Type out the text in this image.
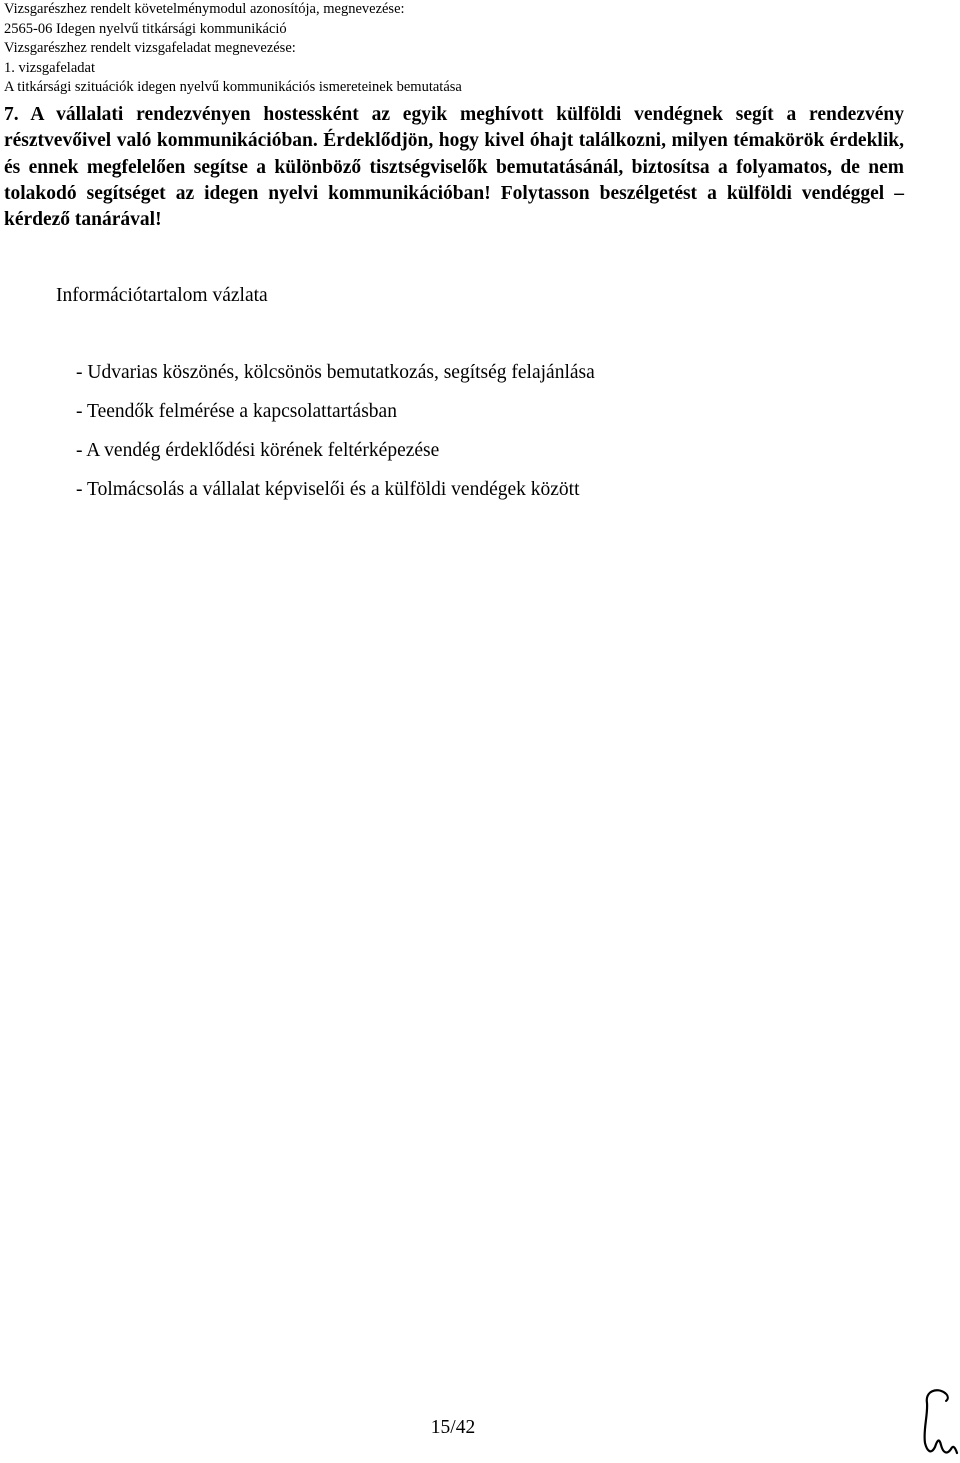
Vizsgarészhez rendelt követelménymodul azonosítója, megnevezése:
2565-06 Idegen nyelvű titkársági kommunikáció
Vizsgarészhez rendelt vizsgafeladat megnevezése:
1. vizsgafeladat
A titkársági szituációk idegen nyelvű kommunikációs ismereteinek bemutatása
7. A vállalati rendezvényen hostessként az egyik meghívott külföldi vendégnek segít a rendezvény résztvevőivel való kommunikációban. Érdeklődjön, hogy kivel óhajt találkozni, milyen témakörök érdeklik, és ennek megfelelően segítse a különböző tisztségviselők bemutatásánál, biztosítsa a folyamatos, de nem tolakodó segítséget az idegen nyelvi kommunikációban! Folytasson beszélgetést a külföldi vendéggel – kérdező tanárával!
Információtartalom vázlata
- Udvarias köszönés, kölcsönös bemutatkozás, segítség felajánlása
- Teendők felmérése a kapcsolattartásban
- A vendég érdeklődési körének feltérképezése
- Tolmácsolás a vállalat képviselői és a külföldi vendégek között
15/42
